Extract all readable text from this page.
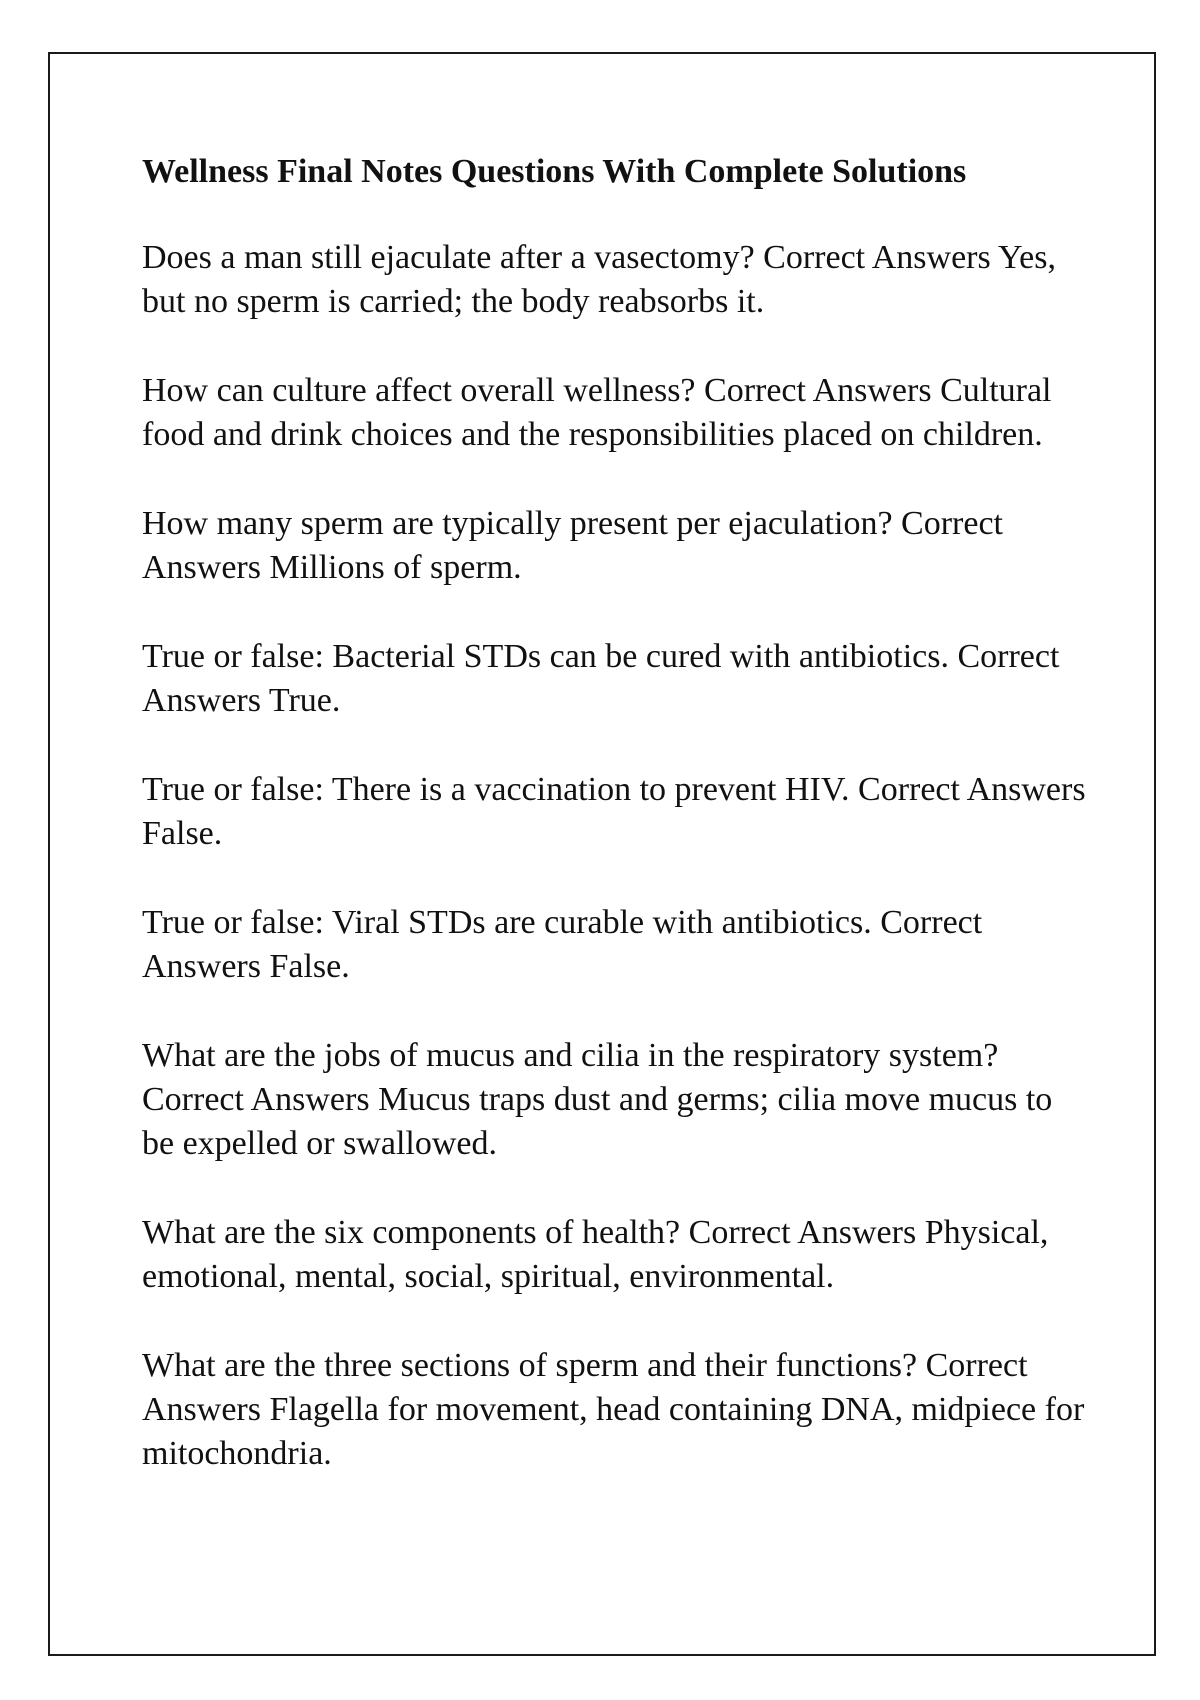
Wellness Final Notes Questions With Complete Solutions
Does a man still ejaculate after a vasectomy? Correct Answers Yes, but no sperm is carried; the body reabsorbs it.
How can culture affect overall wellness? Correct Answers Cultural food and drink choices and the responsibilities placed on children.
How many sperm are typically present per ejaculation? Correct Answers Millions of sperm.
True or false: Bacterial STDs can be cured with antibiotics. Correct Answers True.
True or false: There is a vaccination to prevent HIV. Correct Answers False.
True or false: Viral STDs are curable with antibiotics. Correct Answers False.
What are the jobs of mucus and cilia in the respiratory system? Correct Answers Mucus traps dust and germs; cilia move mucus to be expelled or swallowed.
What are the six components of health? Correct Answers Physical, emotional, mental, social, spiritual, environmental.
What are the three sections of sperm and their functions? Correct Answers Flagella for movement, head containing DNA, midpiece for mitochondria.
